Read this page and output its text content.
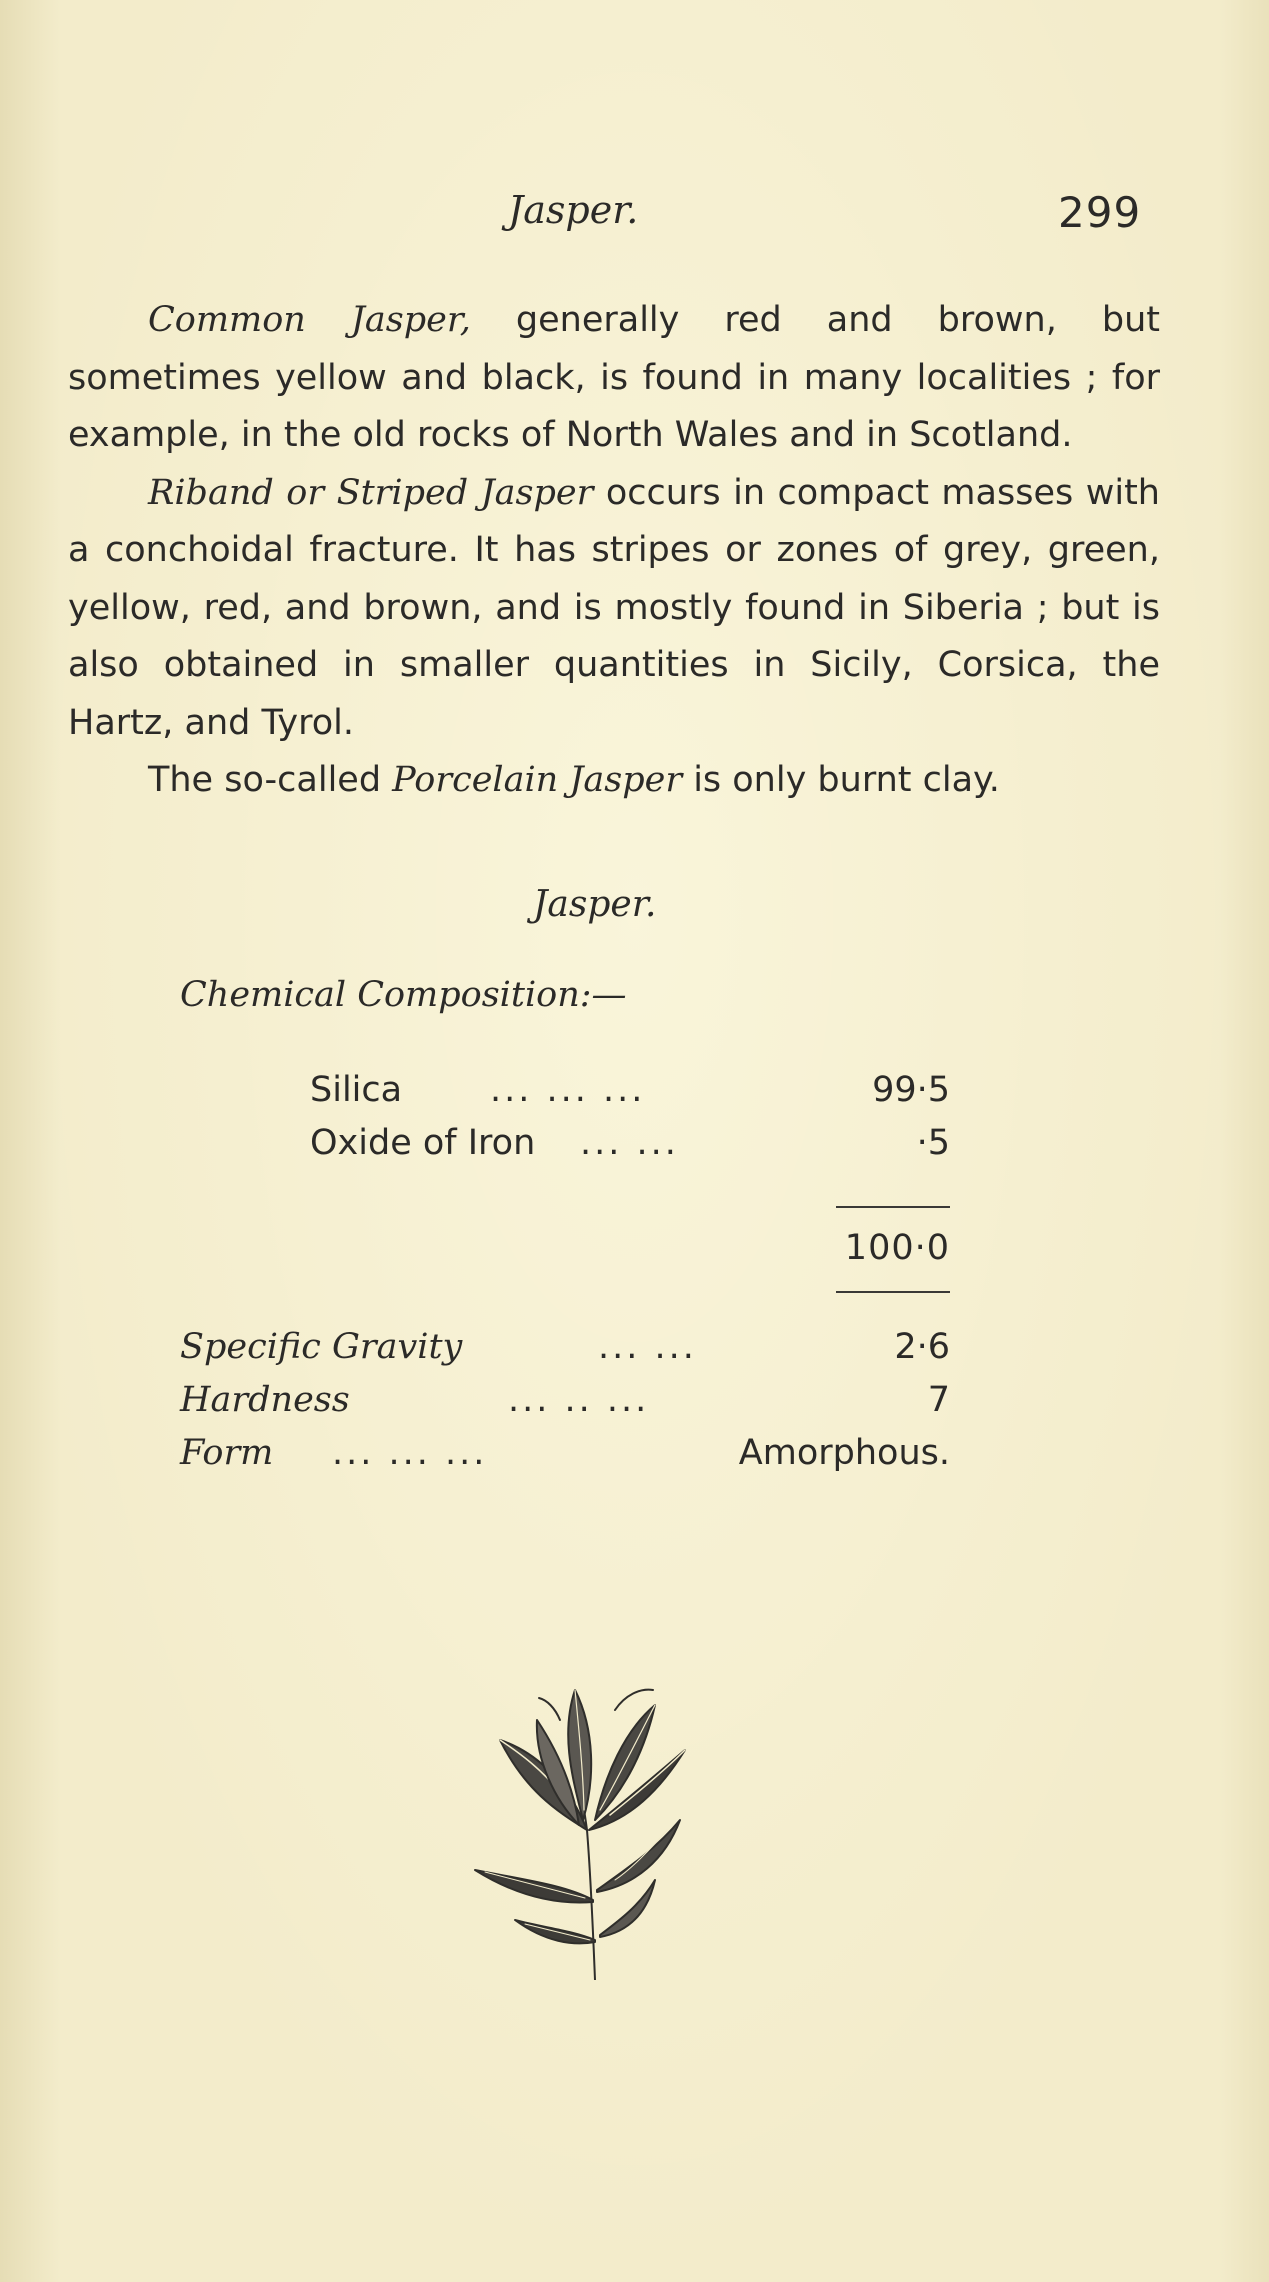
Jasper.	299

Common Jasper, generally red and brown, but sometimes yellow and black, is found in many localities ; for example, in the old rocks of North Wales and in Scotland.

Riband or Striped Jasper occurs in compact masses with a conchoidal fracture. It has stripes or zones of grey, green, yellow, red, and brown, and is mostly found in Siberia ; but is also obtained in smaller quantities in Sicily, Corsica, the Hartz, and Tyrol.

The so-called Porcelain Jasper is only burnt clay.

Jasper.
Chemical Composition:—
Silica	... ... ...	99·5
Oxide of Iron ... ...	·5
100·0
Specific Gravity	... ...	2·6
Hardness	... .. ...	7
Form ... ... ...	Amorphous.
